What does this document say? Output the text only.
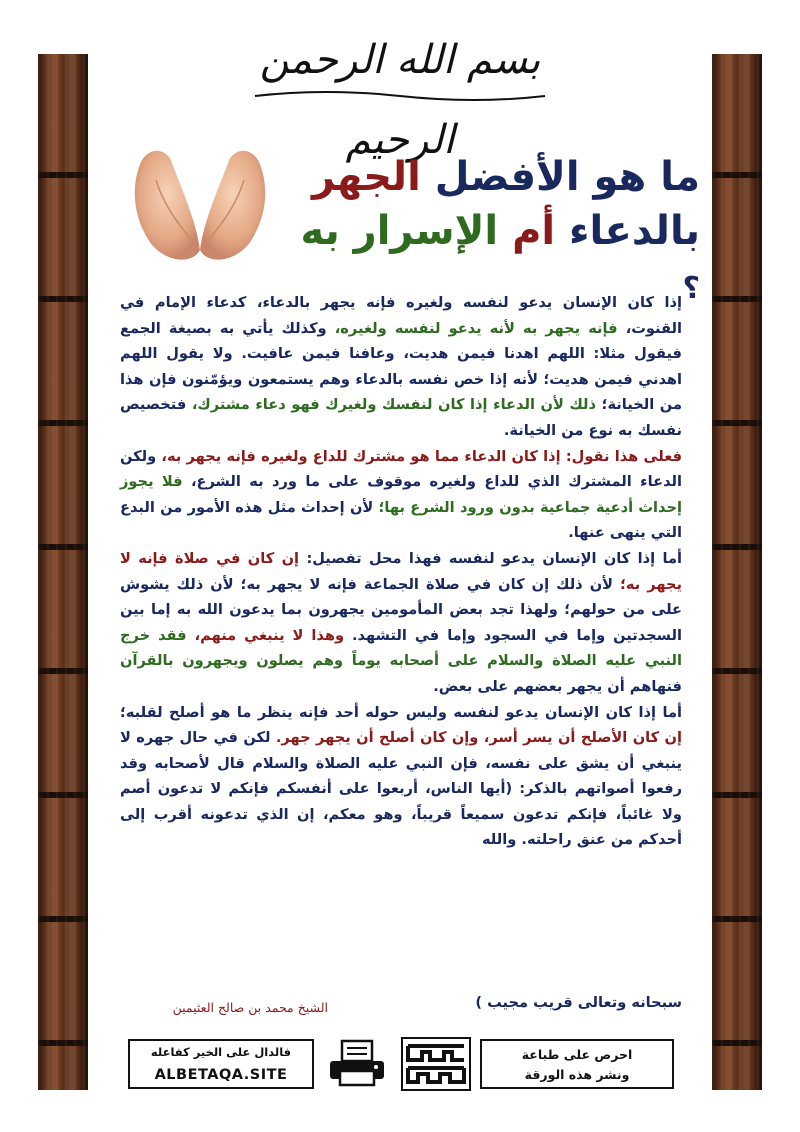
بسم الله الرحمن الرحيم
ما هو الأفضل الجهر
بالدعاء أم الإسرار به ؟

إذا كان الإنسان يدعو لنفسه ولغيره فإنه يجهر بالدعاء، كدعاء الإمام في القنوت، فإنه يجهر به لأنه يدعو لنفسه ولغيره، وكذلك يأتي به بصيغة الجمع فيقول مثلا: اللهم اهدنا فيمن هديت، وعافنا فيمن عافيت. ولا يقول اللهم اهدني فيمن هديت؛ لأنه إذا خص نفسه بالدعاء وهم يستمعون ويؤمّنون فإن هذا من الخيانة؛ ذلك لأن الدعاء إذا كان لنفسك ولغيرك فهو دعاء مشترك، فتخصيص نفسك به نوع من الخيانة.

فعلى هذا نقول: إذا كان الدعاء مما هو مشترك للداع ولغيره فإنه يجهر به، ولكن الدعاء المشترك الذي للداع ولغيره موقوف على ما ورد به الشرع، فلا يجوز إحداث أدعية جماعية بدون ورود الشرع بها؛ لأن إحداث مثل هذه الأمور من البدع التي ينهى عنها.

أما إذا كان الإنسان يدعو لنفسه فهذا محل تفصيل: إن كان في صلاة فإنه لا يجهر به؛ لأن ذلك إن كان في صلاة الجماعة فإنه لا يجهر به؛ لأن ذلك يشوش على من حولهم؛ ولهذا تجد بعض المأمومين يجهرون بما يدعون الله به إما بين السجدتين وإما في السجود وإما في التشهد. وهذا لا ينبغي منهم، فقد خرج النبي عليه الصلاة والسلام على أصحابه يوماً وهم يصلون ويجهرون بالقرآن فنهاهم أن يجهر بعضهم على بعض.

أما إذا كان الإنسان يدعو لنفسه وليس حوله أحد فإنه ينظر ما هو أصلح لقلبه؛ إن كان الأصلح أن يسر أسر، وإن كان أصلح أن يجهر جهر. لكن في حال جهره لا ينبغي أن يشق على نفسه، فإن النبي عليه الصلاة والسلام قال لأصحابه وقد رفعوا أصواتهم بالذكر: (أيها الناس، أربعوا على أنفسكم فإنكم لا تدعون أصم ولا غائباً، فإنكم تدعون سميعاً قريباً، وهو معكم، إن الذي تدعونه أقرب إلى أحدكم من عنق راحلته. والله

سبحانه وتعالى قريب مجيب )
الشيخ محمد بن صالح العثيمين
فالدال على الخير كفاعله
ALBETAQA.SITE
دعوة الورقة
احرص على طباعة
ونشر هذه الورقة
